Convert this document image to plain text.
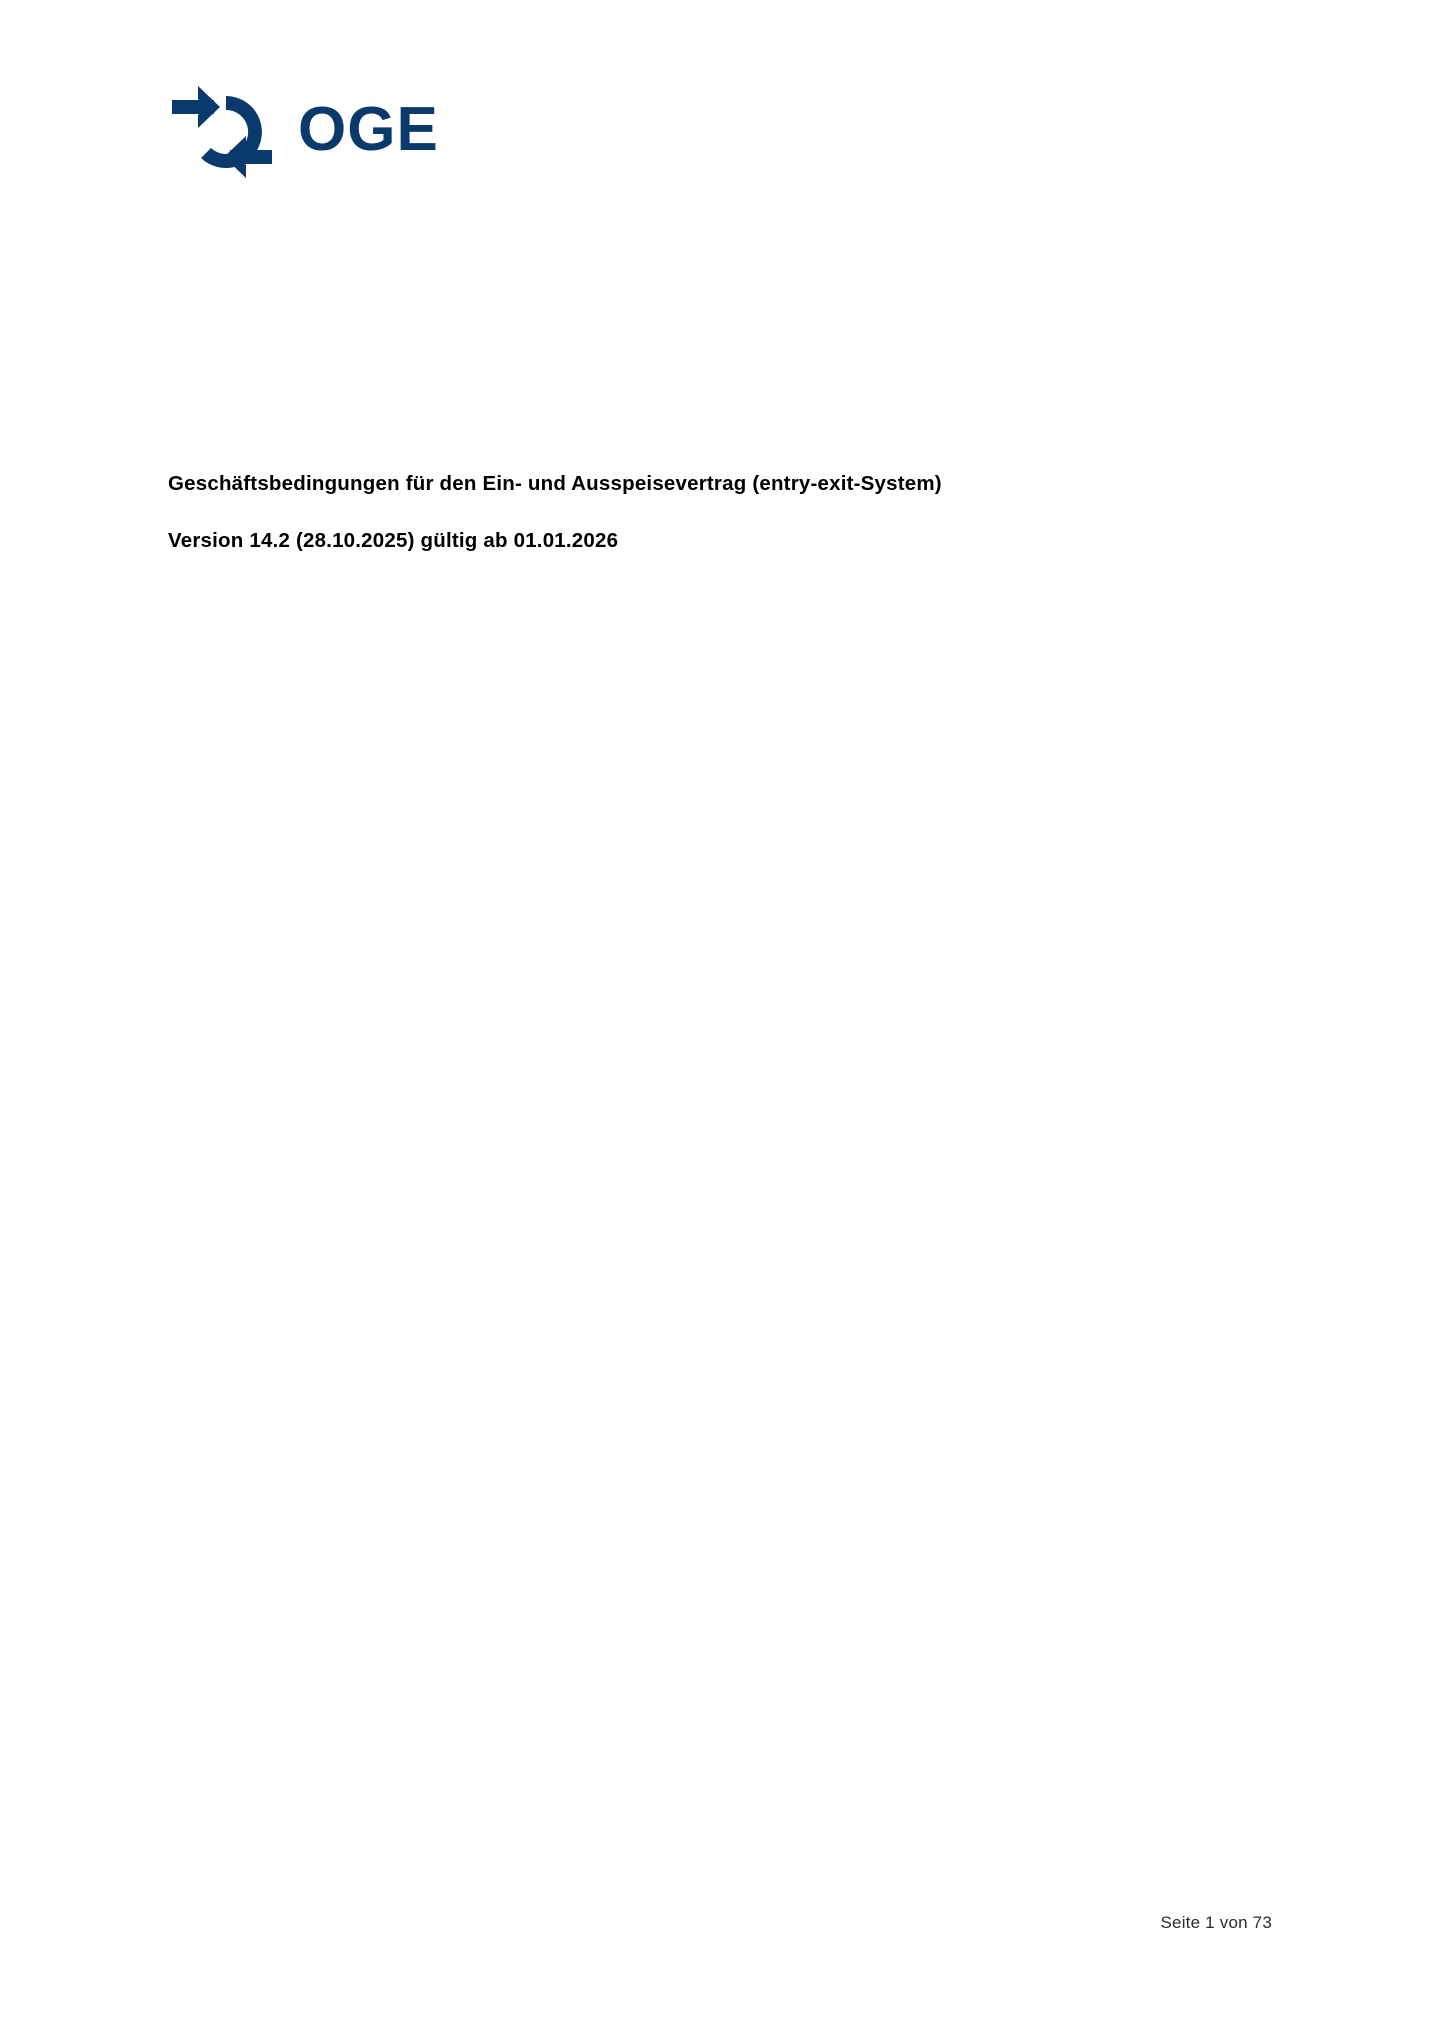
OGE
Geschäftsbedingungen für den Ein- und Ausspeisevertrag (entry-exit-System)
Version 14.2 (28.10.2025) gültig ab 01.01.2026
Seite 1 von 73
